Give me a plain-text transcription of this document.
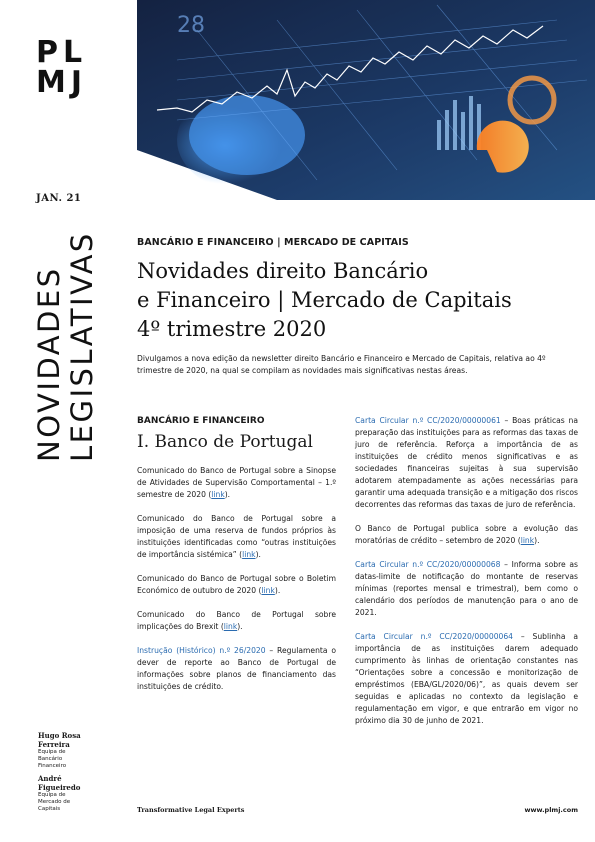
PL
MJ
28
JAN. 21
NOVIDADES LEGISLATIVAS
Hugo Rosa
Ferreira
Equipa de
Bancário
Financeiro
André
Figueiredo
Equipa de
Mercado de
Capitais
BANCÁRIO E FINANCEIRO | MERCADO DE CAPITAIS
Novidades direito Bancário
e Financeiro | Mercado de Capitais
4º trimestre 2020

Divulgamos a nova edição da newsletter direito Bancário e Financeiro e Mercado de Capitais, relativa ao 4º trimestre de 2020, na qual se compilam as novidades mais significativas nestas áreas.

BANCÁRIO E FINANCEIRO
I. Banco de Portugal

Comunicado do Banco de Portugal sobre a Sinopse de Atividades de Supervisão Comportamental – 1.º semestre de 2020 (link).

Comunicado do Banco de Portugal sobre a imposição de uma reserva de fundos próprios às instituições identificadas como “outras instituições de importância sistémica” (link).

Comunicado do Banco de Portugal sobre o Boletim Económico de outubro de 2020 (link).

Comunicado do Banco de Portugal sobre implicações do Brexit (link).

Instrução (Histórico) n.º 26/2020 – Regulamenta o dever de reporte ao Banco de Portugal de informações sobre planos de financiamento das instituições de crédito.

Carta Circular n.º CC/2020/00000061 – Boas práticas na preparação das instituições para as reformas das taxas de juro de referência. Reforça a importância de as instituições de crédito menos significativas e as sociedades financeiras sujeitas à sua supervisão adotarem atempadamente as ações necessárias para garantir uma adequada transição e a mitigação dos riscos decorrentes das reformas das taxas de juro de referência.

O Banco de Portugal publica sobre a evolução das moratórias de crédito – setembro de 2020 (link).

Carta Circular n.º CC/2020/00000068 – Informa sobre as datas-limite de notificação do montante de reservas mínimas (reportes mensal e trimestral), bem como o calendário dos períodos de manutenção para o ano de 2021.

Carta Circular n.º CC/2020/00000064 – Sublinha a importância de as instituições darem adequado cumprimento às linhas de orientação constantes nas “Orientações sobre a concessão e monitorização de empréstimos (EBA/GL/2020/06)”, as quais devem ser seguidas e aplicadas no contexto da legislação e regulamentação em vigor, e que entrarão em vigor no próximo dia 30 de junho de 2021.

Transformative Legal Experts	www.plmj.com
